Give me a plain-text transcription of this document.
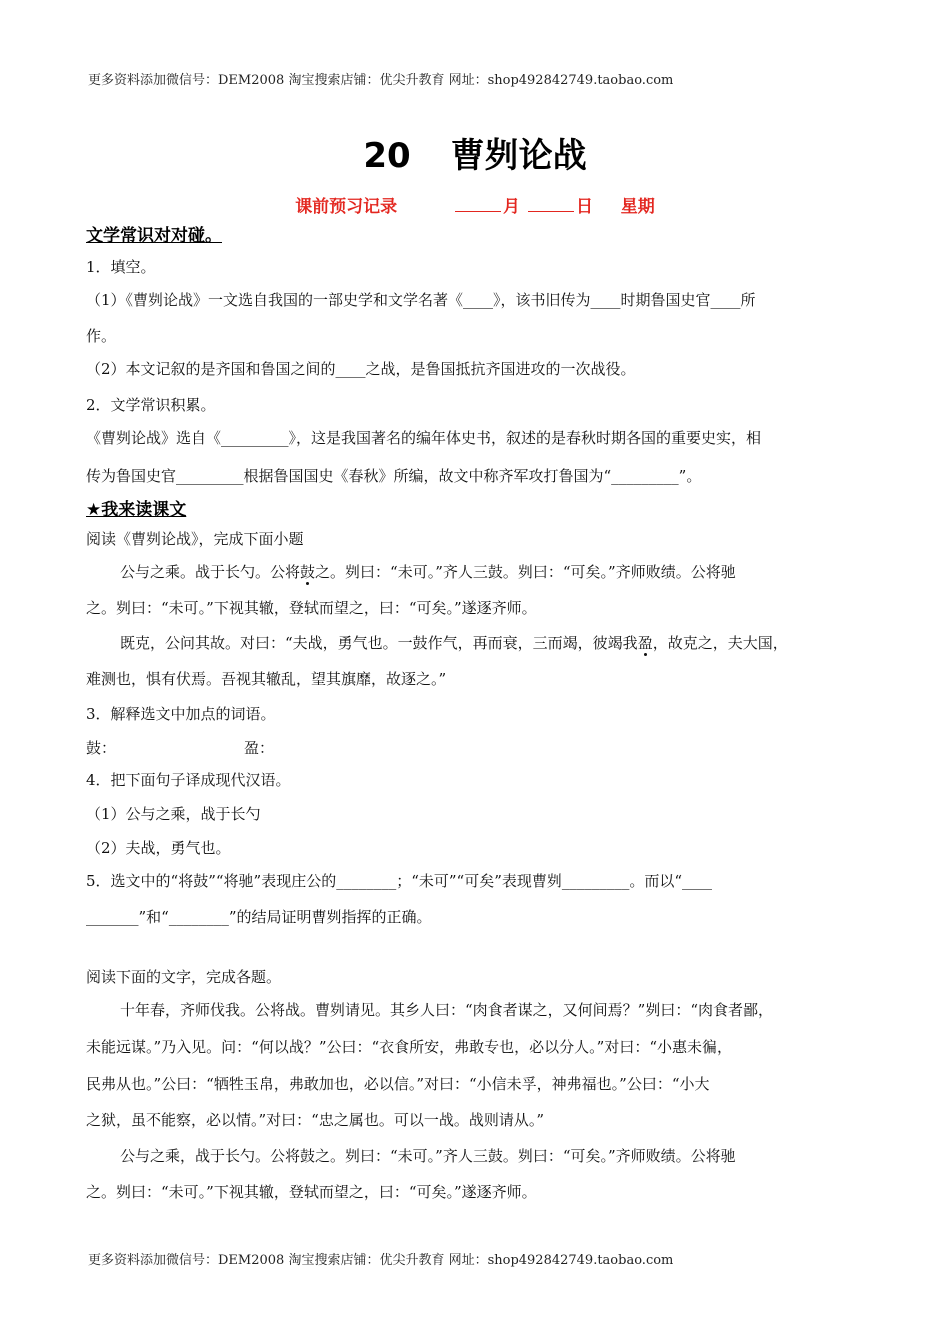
更多资料添加微信号：DEM2008 淘宝搜索店铺：优尖升教育 网址：shop492842749.taobao.com
20 曹刿论战
课前预习记录	月	日 星期
文学常识对对碰。
1．填空。
（1）《曹刿论战》一文选自我国的一部史学和文学名著《____》，该书旧传为____时期鲁国史官____所
作。
（2）本文记叙的是齐国和鲁国之间的____之战，是鲁国抵抗齐国进攻的一次战役。
2．文学常识积累。
《曹刿论战》选自《_________》，这是我国著名的编年体史书，叙述的是春秋时期各国的重要史实，相
传为鲁国史官_________根据鲁国国史《春秋》所编，故文中称齐军攻打鲁国为“_________”。
★我来读课文
阅读《曹刿论战》，完成下面小题
公与之乘。战于长勺。公将鼓之。刿曰：“未可。”齐人三鼓。刿曰：“可矣。”齐师败绩。公将驰
之。刿曰：“未可。”下视其辙，登轼而望之，曰：“可矣。”遂逐齐师。
既克，公问其故。对曰：“夫战，勇气也。一鼓作气，再而衰，三而竭，彼竭我盈，故克之，夫大国，
难测也，惧有伏焉。吾视其辙乱，望其旗靡，故逐之。”
3．解释选文中加点的词语。
鼓：	盈：
4．把下面句子译成现代汉语。
（1）公与之乘，战于长勺
（2）夫战，勇气也。
5．选文中的“将鼓”“将驰”表现庄公的________；“未可”“可矣”表现曹刿_________。而以“____
_______”和“________”的结局证明曹刿指挥的正确。
阅读下面的文字，完成各题。
十年春，齐师伐我。公将战。曹刿请见。其乡人曰：“肉食者谋之，又何间焉？”刿曰：“肉食者鄙，
未能远谋。”乃入见。问：“何以战？”公曰：“衣食所安，弗敢专也，必以分人。”对曰：“小惠未徧，
民弗从也。”公曰：“牺牲玉帛，弗敢加也，必以信。”对曰：“小信未孚，神弗福也。”公曰：“小大
之狱，虽不能察，必以情。”对曰：“忠之属也。可以一战。战则请从。”
公与之乘，战于长勺。公将鼓之。刿曰：“未可。”齐人三鼓。刿曰：“可矣。”齐师败绩。公将驰
之。刿曰：“未可。”下视其辙，登轼而望之，曰：“可矣。”遂逐齐师。
更多资料添加微信号：DEM2008 淘宝搜索店铺：优尖升教育 网址：shop492842749.taobao.com
